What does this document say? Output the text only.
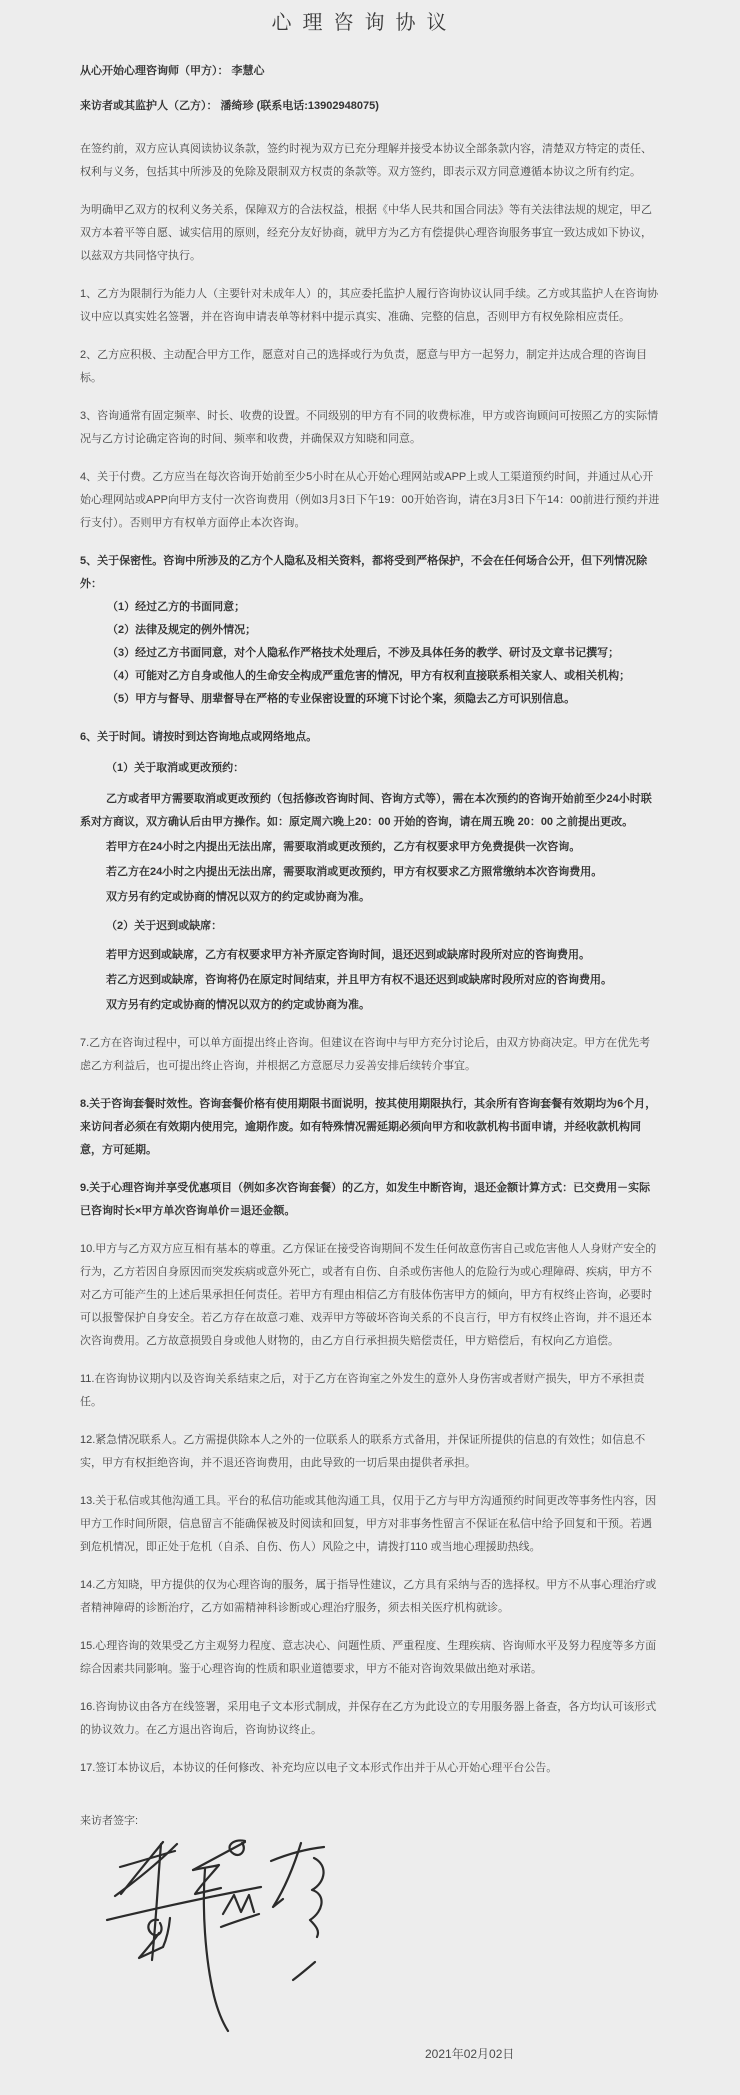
心理咨询协议
从心开始心理咨询师（甲方）： 李慧心
来访者或其监护人（乙方）： 潘绮珍 (联系电话:13902948075)

在签约前，双方应认真阅读协议条款，签约时视为双方已充分理解并接受本协议全部条款内容，清楚双方特定的责任、权利与义务，包括其中所涉及的免除及限制双方权责的条款等。双方签约，即表示双方同意遵循本协议之所有约定。

为明确甲乙双方的权利义务关系，保障双方的合法权益，根据《中华人民共和国合同法》等有关法律法规的规定，甲乙双方本着平等自愿、诚实信用的原则，经充分友好协商，就甲方为乙方有偿提供心理咨询服务事宜一致达成如下协议，以兹双方共同恪守执行。

1、乙方为限制行为能力人（主要针对未成年人）的，其应委托监护人履行咨询协议认同手续。乙方或其监护人在咨询协议中应以真实姓名签署，并在咨询申请表单等材料中提示真实、准确、完整的信息，否则甲方有权免除相应责任。

2、乙方应积极、主动配合甲方工作，愿意对自己的选择或行为负责，愿意与甲方一起努力，制定并达成合理的咨询目标。

3、咨询通常有固定频率、时长、收费的设置。不同级别的甲方有不同的收费标准，甲方或咨询顾问可按照乙方的实际情况与乙方讨论确定咨询的时间、频率和收费，并确保双方知晓和同意。

4、关于付费。乙方应当在每次咨询开始前至少5小时在从心开始心理网站或APP上或人工渠道预约时间，并通过从心开始心理网站或APP向甲方支付一次咨询费用（例如3月3日下午19：00开始咨询，请在3月3日下午14：00前进行预约并进行支付）。否则甲方有权单方面停止本次咨询。

5、关于保密性。咨询中所涉及的乙方个人隐私及相关资料，都将受到严格保护，不会在任何场合公开，但下列情况除外：

（1）经过乙方的书面同意；
（2）法律及规定的例外情况；
（3）经过乙方书面同意，对个人隐私作严格技术处理后，不涉及具体任务的教学、研讨及文章书记撰写；
（4）可能对乙方自身或他人的生命安全构成严重危害的情况，甲方有权利直接联系相关家人、或相关机构；
（5）甲方与督导、朋辈督导在严格的专业保密设置的环境下讨论个案，须隐去乙方可识别信息。

6、关于时间。请按时到达咨询地点或网络地点。

（1）关于取消或更改预约：

乙方或者甲方需要取消或更改预约（包括修改咨询时间、咨询方式等），需在本次预约的咨询开始前至少24小时联系对方商议，双方确认后由甲方操作。如：原定周六晚上20：00 开始的咨询，请在周五晚 20：00 之前提出更改。

若甲方在24小时之内提出无法出席，需要取消或更改预约，乙方有权要求甲方免费提供一次咨询。

若乙方在24小时之内提出无法出席，需要取消或更改预约，甲方有权要求乙方照常缴纳本次咨询费用。

双方另有约定或协商的情况以双方的约定或协商为准。

（2）关于迟到或缺席：

若甲方迟到或缺席，乙方有权要求甲方补齐原定咨询时间，退还迟到或缺席时段所对应的咨询费用。

若乙方迟到或缺席，咨询将仍在原定时间结束，并且甲方有权不退还迟到或缺席时段所对应的咨询费用。

双方另有约定或协商的情况以双方的约定或协商为准。

7.乙方在咨询过程中，可以单方面提出终止咨询。但建议在咨询中与甲方充分讨论后，由双方协商决定。甲方在优先考虑乙方利益后，也可提出终止咨询，并根据乙方意愿尽力妥善安排后续转介事宜。

8.关于咨询套餐时效性。咨询套餐价格有使用期限书面说明，按其使用期限执行，其余所有咨询套餐有效期均为6个月，来访问者必须在有效期内使用完，逾期作废。如有特殊情况需延期必须向甲方和收款机构书面申请，并经收款机构同意，方可延期。

9.关于心理咨询并享受优惠项目（例如多次咨询套餐）的乙方，如发生中断咨询，退还金额计算方式：已交费用－实际已咨询时长×甲方单次咨询单价＝退还金额。

10.甲方与乙方双方应互相有基本的尊重。乙方保证在接受咨询期间不发生任何故意伤害自己或危害他人人身财产安全的行为，乙方若因自身原因而突发疾病或意外死亡，或者有自伤、自杀或伤害他人的危险行为或心理障碍、疾病，甲方不对乙方可能产生的上述后果承担任何责任。若甲方有理由相信乙方有肢体伤害甲方的倾向，甲方有权终止咨询，必要时可以报警保护自身安全。若乙方存在故意刁难、戏弄甲方等破坏咨询关系的不良言行，甲方有权终止咨询，并不退还本次咨询费用。乙方故意损毁自身或他人财物的，由乙方自行承担损失赔偿责任，甲方赔偿后，有权向乙方追偿。

11.在咨询协议期内以及咨询关系结束之后，对于乙方在咨询室之外发生的意外人身伤害或者财产损失，甲方不承担责任。

12.紧急情况联系人。乙方需提供除本人之外的一位联系人的联系方式备用，并保证所提供的信息的有效性；如信息不实，甲方有权拒绝咨询，并不退还咨询费用，由此导致的一切后果由提供者承担。

13.关于私信或其他沟通工具。平台的私信功能或其他沟通工具，仅用于乙方与甲方沟通预约时间更改等事务性内容，因甲方工作时间所限，信息留言不能确保被及时阅读和回复，甲方对非事务性留言不保证在私信中给予回复和干预。若遇到危机情况，即正处于危机（自杀、自伤、伤人）风险之中，请拨打110 或当地心理援助热线。

14.乙方知晓，甲方提供的仅为心理咨询的服务，属于指导性建议，乙方具有采纳与否的选择权。甲方不从事心理治疗或者精神障碍的诊断治疗，乙方如需精神科诊断或心理治疗服务，须去相关医疗机构就诊。

15.心理咨询的效果受乙方主观努力程度、意志决心、问题性质、严重程度、生理疾病、咨询师水平及努力程度等多方面综合因素共同影响。鉴于心理咨询的性质和职业道德要求，甲方不能对咨询效果做出绝对承诺。

16.咨询协议由各方在线签署，采用电子文本形式制成，并保存在乙方为此设立的专用服务器上备查，各方均认可该形式的协议效力。在乙方退出咨询后，咨询协议终止。

17.签订本协议后，本协议的任何修改、补充均应以电子文本形式作出并于从心开始心理平台公告。

来访者签字:

2021年02月02日
